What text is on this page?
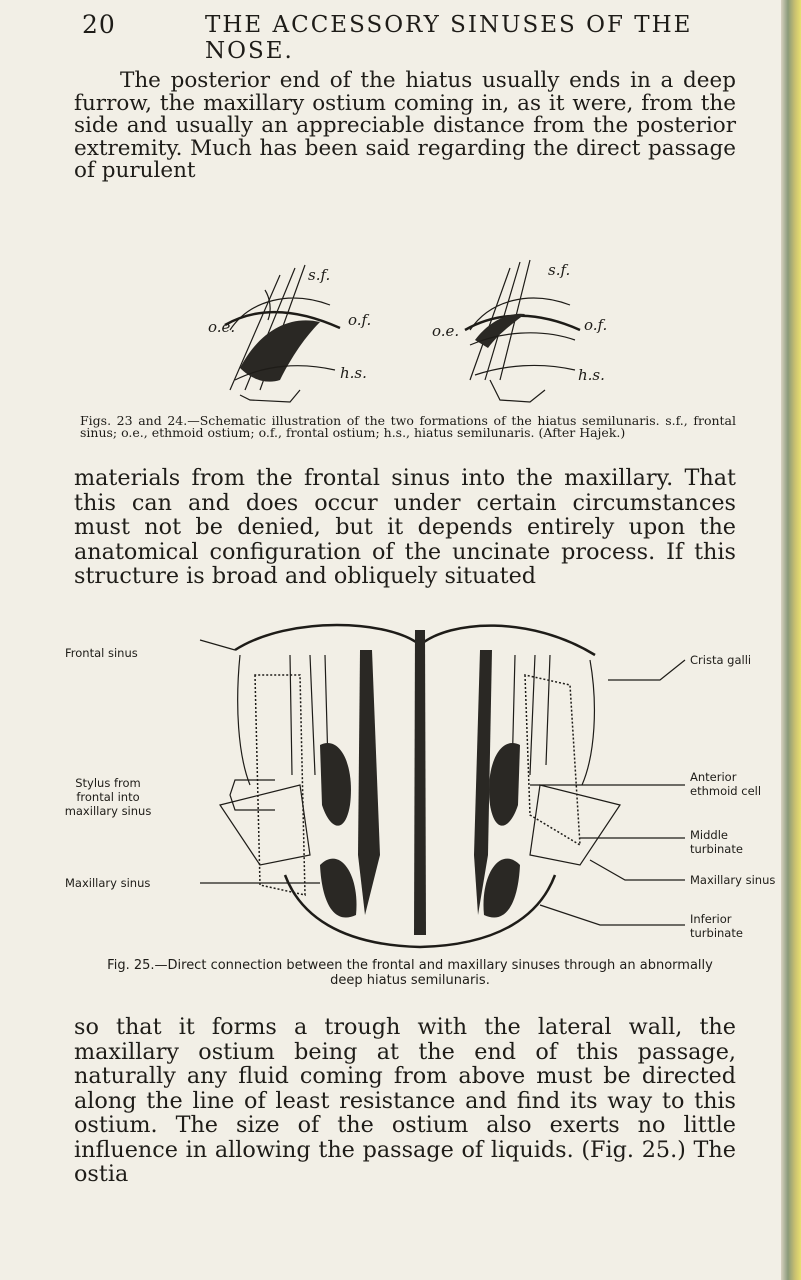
20	THE ACCESSORY SINUSES OF THE NOSE.

The posterior end of the hiatus usually ends in a deep furrow, the maxillary ostium coming in, as it were, from the side and usually an appreciable distance from the posterior extremity. Much has been said regarding the direct passage of purulent

o.e.
s.f.
o.f.
h.s.
o.e.
s.f.
o.f.
h.s.

Figs. 23 and 24.—Schematic illustration of the two formations of the hiatus semilunaris. s.f., frontal sinus; o.e., ethmoid ostium; o.f., frontal ostium; h.s., hiatus semilunaris. (After Hajek.)

materials from the frontal sinus into the maxillary. That this can and does occur under certain circumstances must not be denied, but it depends entirely upon the anatomical configuration of the uncinate process. If this structure is broad and obliquely situated

Frontal sinus
Stylus from
frontal into
maxillary sinus
Maxillary sinus
Crista galli
Anterior
ethmoid cell
Middle
turbinate
Maxillary sinus
Inferior
turbinate

Fig. 25.—Direct connection between the frontal and maxillary sinuses through an abnormally deep hiatus semilunaris.

so that it forms a trough with the lateral wall, the maxillary ostium being at the end of this passage, naturally any fluid coming from above must be directed along the line of least resistance and find its way to this ostium. The size of the ostium also exerts no little influence in allowing the passage of liquids. (Fig. 25.) The ostia
